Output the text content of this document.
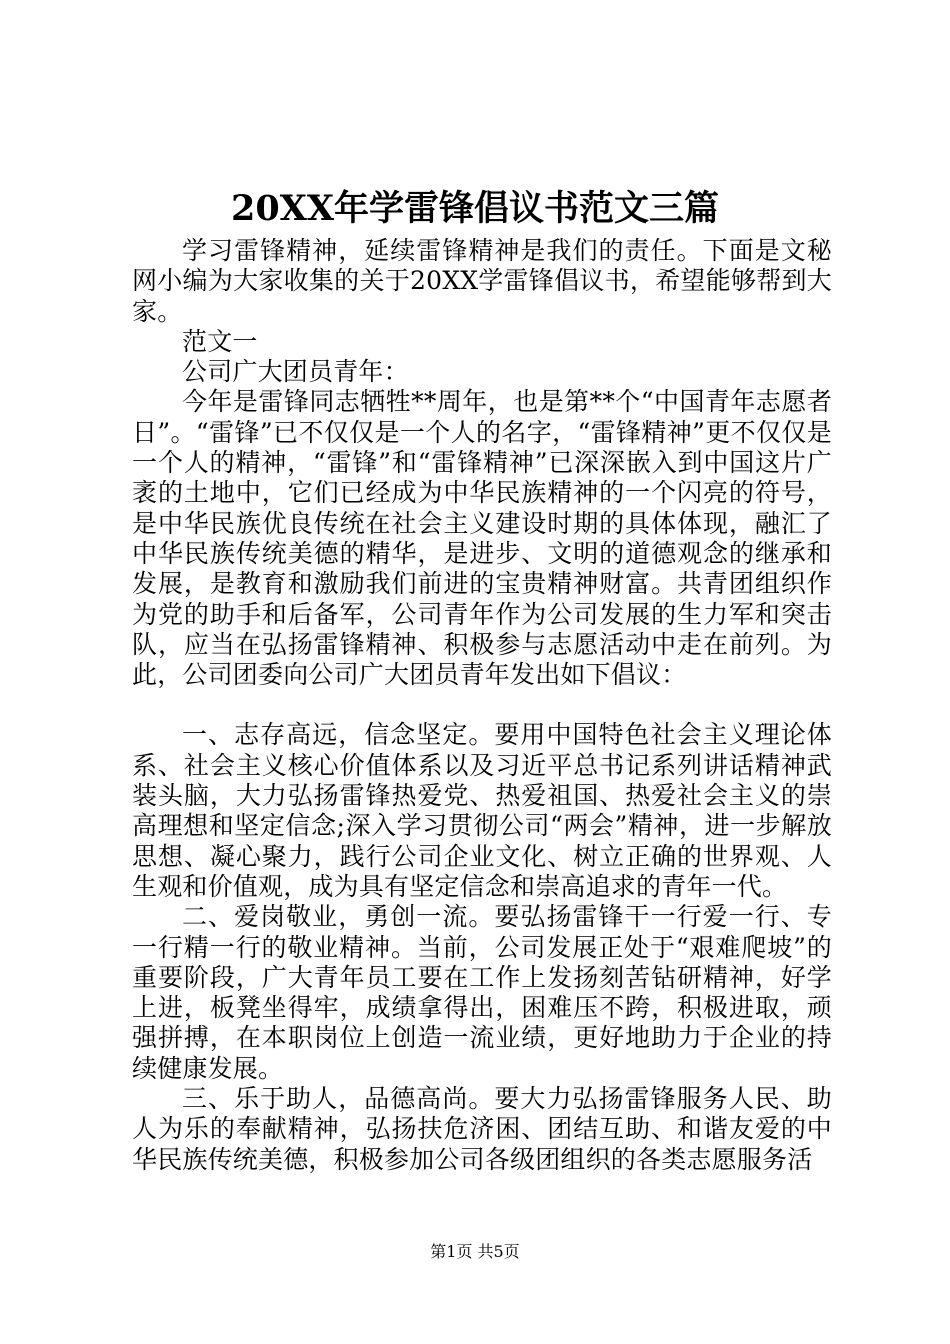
20XX年学雷锋倡议书范文三篇

学习雷锋精神，延续雷锋精神是我们的责任。下面是文秘网小编为大家收集的关于20XX学雷锋倡议书，希望能够帮到大家。

范文一

公司广大团员青年：

今年是雷锋同志牺牲**周年，也是第**个“中国青年志愿者日”。“雷锋”已不仅仅是一个人的名字，“雷锋精神”更不仅仅是一个人的精神，“雷锋”和“雷锋精神”已深深嵌入到中国这片广袤的土地中，它们已经成为中华民族精神的一个闪亮的符号，是中华民族优良传统在社会主义建设时期的具体体现，融汇了中华民族传统美德的精华，是进步、文明的道德观念的继承和发展，是教育和激励我们前进的宝贵精神财富。共青团组织作为党的助手和后备军，公司青年作为公司发展的生力军和突击队，应当在弘扬雷锋精神、积极参与志愿活动中走在前列。为此，公司团委向公司广大团员青年发出如下倡议：

一、志存高远，信念坚定。要用中国特色社会主义理论体系、社会主义核心价值体系以及习近平总书记系列讲话精神武装头脑，大力弘扬雷锋热爱党、热爱祖国、热爱社会主义的崇高理想和坚定信念;深入学习贯彻公司“两会”精神，进一步解放思想、凝心聚力，践行公司企业文化、树立正确的世界观、人生观和价值观，成为具有坚定信念和崇高追求的青年一代。

二、爱岗敬业，勇创一流。要弘扬雷锋干一行爱一行、专一行精一行的敬业精神。当前，公司发展正处于“艰难爬坡”的重要阶段，广大青年员工要在工作上发扬刻苦钻研精神，好学上进，板凳坐得牢，成绩拿得出，困难压不跨，积极进取，顽强拼搏，在本职岗位上创造一流业绩，更好地助力于企业的持续健康发展。

三、乐于助人，品德高尚。要大力弘扬雷锋服务人民、助人为乐的奉献精神，弘扬扶危济困、团结互助、和谐友爱的中华民族传统美德，积极参加公司各级团组织的各类志愿服务活

第1页 共5页
